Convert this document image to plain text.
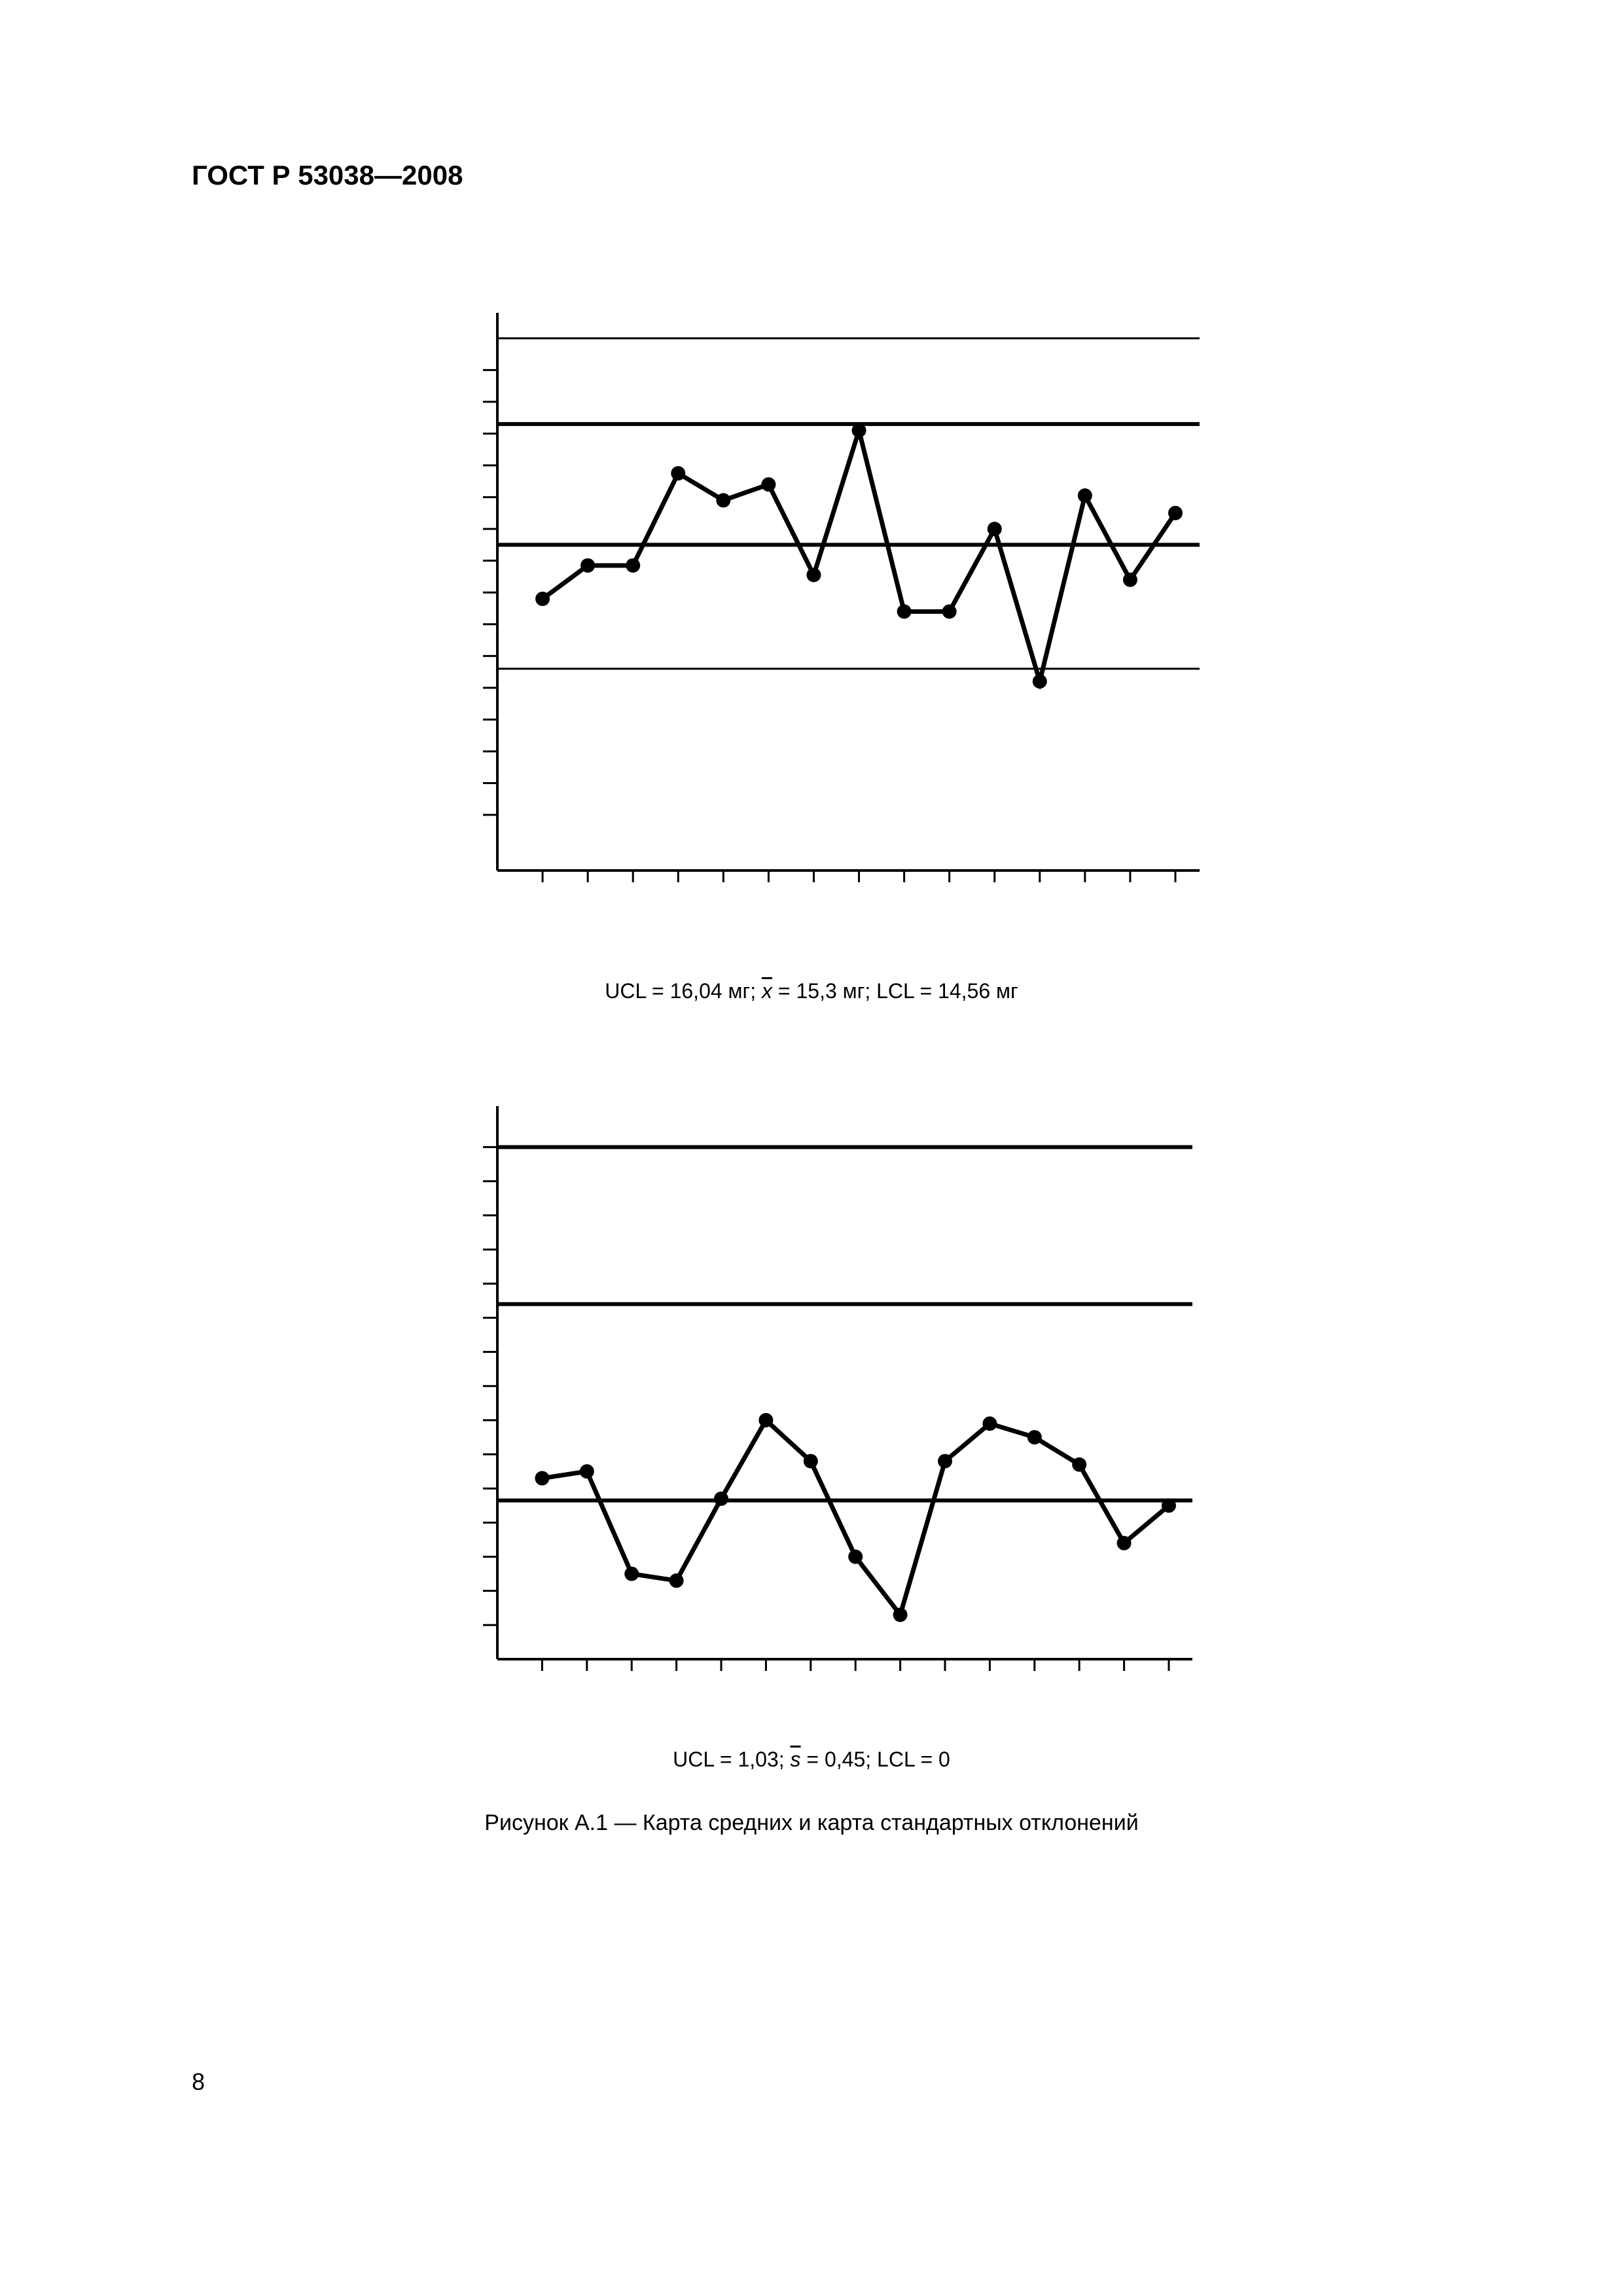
ГОСТ Р 53038—2008
UCL = 16,04 мг; $\overline{x} = 15,3$ мг; LCL = 14,56 мг
UCL = 1,03; $\overline{s} = 0,45$; LCL = 0
Рисунок А.1 — Карта средних и карта стандартных отклонений
8
